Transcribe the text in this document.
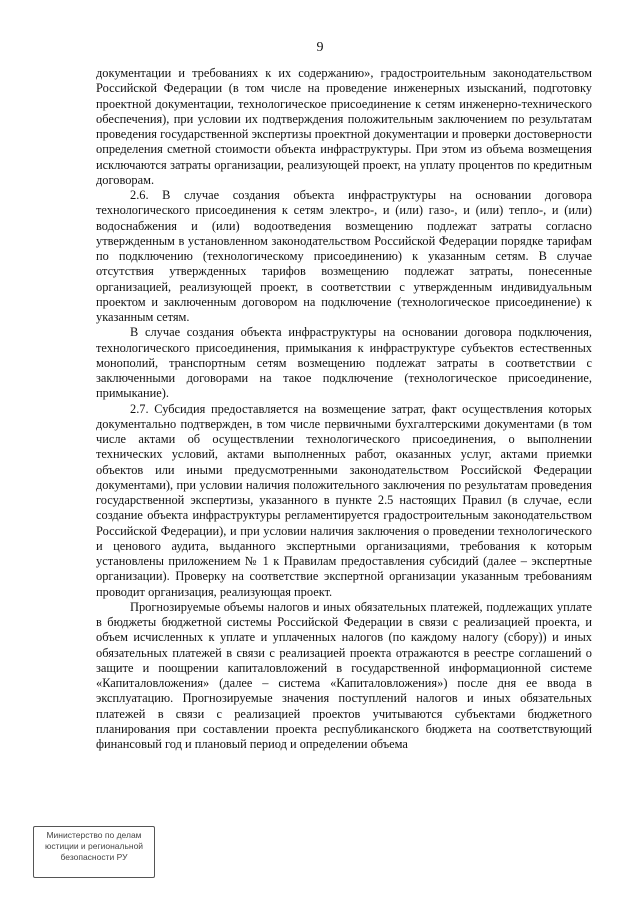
9

документации и требованиях к их содержанию», градостроительным законодательством Российской Федерации (в том числе на проведение инженерных изысканий, подготовку проектной документации, технологическое присоединение к сетям инженерно-технического обеспечения), при условии их подтверждения положительным заключением по результатам проведения государственной экспертизы проектной документации и проверки достоверности определения сметной стоимости объекта инфраструктуры. При этом из объема возмещения исключаются затраты организации, реализующей проект, на уплату процентов по кредитным договорам.

2.6. В случае создания объекта инфраструктуры на основании договора технологического присоединения к сетям электро-, и (или) газо-, и (или) тепло-, и (или) водоснабжения и (или) водоотведения возмещению подлежат затраты согласно утвержденным в установленном законодательством Российской Федерации порядке тарифам по подключению (технологическому присоединению) к указанным сетям. В случае отсутствия утвержденных тарифов возмещению подлежат затраты, понесенные организацией, реализующей проект, в соответствии с утвержденным индивидуальным проектом и заключенным договором на подключение (технологическое присоединение) к указанным сетям.

В случае создания объекта инфраструктуры на основании договора подключения, технологического присоединения, примыкания к инфраструктуре субъектов естественных монополий, транспортным сетям возмещению подлежат затраты в соответствии с заключенными договорами на такое подключение (технологическое присоединение, примыкание).

2.7. Субсидия предоставляется на возмещение затрат, факт осуществления которых документально подтвержден, в том числе первичными бухгалтерскими документами (в том числе актами об осуществлении технологического присоединения, о выполнении технических условий, актами выполненных работ, оказанных услуг, актами приемки объектов или иными предусмотренными законодательством Российской Федерации документами), при условии наличия положительного заключения по результатам проведения государственной экспертизы, указанного в пункте 2.5 настоящих Правил (в случае, если создание объекта инфраструктуры регламентируется градостроительным законодательством Российской Федерации), и при условии наличия заключения о проведении технологического и ценового аудита, выданного экспертными организациями, требования к которым установлены приложением № 1 к Правилам предоставления субсидий (далее – экспертные организации). Проверку на соответствие экспертной организации указанным требованиям проводит организация, реализующая проект.

Прогнозируемые объемы налогов и иных обязательных платежей, подлежащих уплате в бюджеты бюджетной системы Российской Федерации в связи с реализацией проекта, и объем исчисленных к уплате и уплаченных налогов (по каждому налогу (сбору)) и иных обязательных платежей в связи с реализацией проекта отражаются в реестре соглашений о защите и поощрении капиталовложений в государственной информационной системе «Капиталовложения» (далее – система «Капиталовложения») после дня ее ввода в эксплуатацию. Прогнозируемые значения поступлений налогов и иных обязательных платежей в связи с реализацией проектов учитываются субъектами бюджетного планирования при составлении проекта республиканского бюджета на соответствующий финансовый год и плановый период и определении объема

Министерство по делам
юстиции и региональной
безопасности РУ
